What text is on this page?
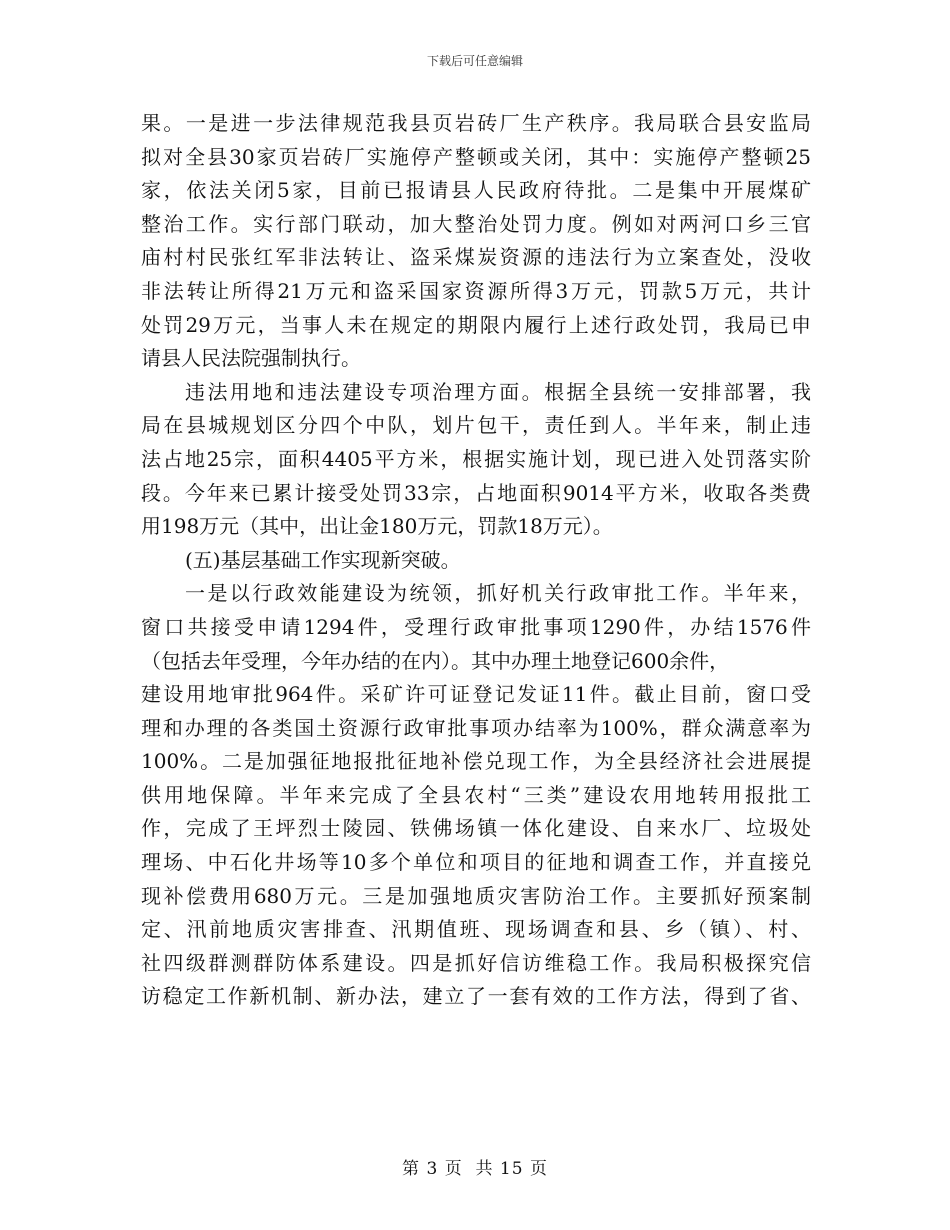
下载后可任意编辑
果。一是进一步法律规范我县页岩砖厂生产秩序。我局联合县安监局
拟对全县30家页岩砖厂实施停产整顿或关闭，其中：实施停产整顿25
家，依法关闭5家，目前已报请县人民政府待批。二是集中开展煤矿
整治工作。实行部门联动，加大整治处罚力度。例如对两河口乡三官
庙村村民张红军非法转让、盗采煤炭资源的违法行为立案查处，没收
非法转让所得21万元和盗采国家资源所得3万元，罚款5万元，共计
处罚29万元，当事人未在规定的期限内履行上述行政处罚，我局已申
请县人民法院强制执行。
违法用地和违法建设专项治理方面。根据全县统一安排部署，我
局在县城规划区分四个中队，划片包干，责任到人。半年来，制止违
法占地25宗，面积4405平方米，根据实施计划，现已进入处罚落实阶
段。今年来已累计接受处罚33宗，占地面积9014平方米，收取各类费
用198万元（其中，出让金180万元，罚款18万元）。
(五)基层基础工作实现新突破。
一是以行政效能建设为统领，抓好机关行政审批工作。半年来，
窗口共接受申请1294件，受理行政审批事项1290件，办结1576件
（包括去年受理，今年办结的在内）。其中办理土地登记600余件，
建设用地审批964件。采矿许可证登记发证11件。截止目前，窗口受
理和办理的各类国土资源行政审批事项办结率为100%，群众满意率为
100%。二是加强征地报批征地补偿兑现工作，为全县经济社会进展提
供用地保障。半年来完成了全县农村“三类”建设农用地转用报批工
作，完成了王坪烈士陵园、铁佛场镇一体化建设、自来水厂、垃圾处
理场、中石化井场等10多个单位和项目的征地和调查工作，并直接兑
现补偿费用680万元。三是加强地质灾害防治工作。主要抓好预案制
定、汛前地质灾害排查、汛期值班、现场调查和县、乡（镇）、村、
社四级群测群防体系建设。四是抓好信访维稳工作。我局积极探究信
访稳定工作新机制、新办法，建立了一套有效的工作方法，得到了省、
第 3 页  共 15 页
